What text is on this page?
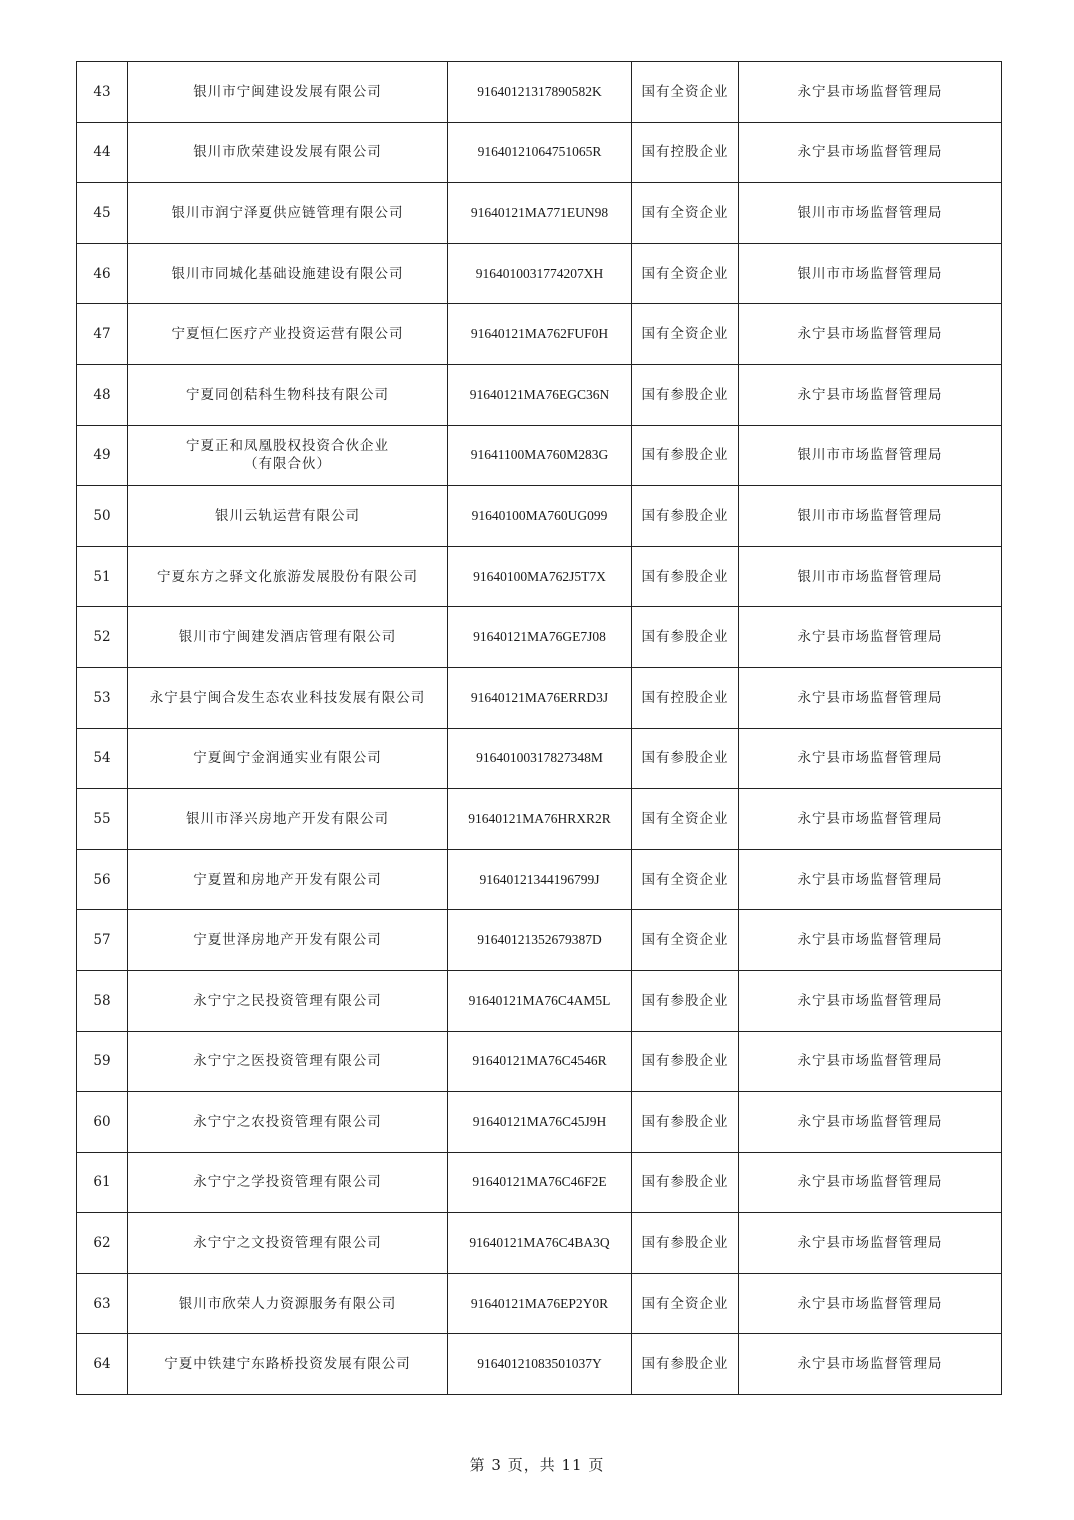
43	银川市宁闽建设发展有限公司	91640121317890582K	国有全资企业	永宁县市场监督管理局
44	银川市欣荣建设发展有限公司	91640121064751065R	国有控股企业	永宁县市场监督管理局
45	银川市润宁泽夏供应链管理有限公司	91640121MA771EUN98	国有全资企业	银川市市场监督管理局
46	银川市同城化基础设施建设有限公司	9164010031774207XH	国有全资企业	银川市市场监督管理局
47	宁夏恒仁医疗产业投资运营有限公司	91640121MA762FUF0H	国有全资企业	永宁县市场监督管理局
48	宁夏同创秸科生物科技有限公司	91640121MA76EGC36N	国有参股企业	永宁县市场监督管理局
49	宁夏正和凤凰股权投资合伙企业
（有限合伙）	91641100MA760M283G	国有参股企业	银川市市场监督管理局
50	银川云轨运营有限公司	91640100MA760UG099	国有参股企业	银川市市场监督管理局
51	宁夏东方之驿文化旅游发展股份有限公司	91640100MA762J5T7X	国有参股企业	银川市市场监督管理局
52	银川市宁闽建发酒店管理有限公司	91640121MA76GE7J08	国有参股企业	永宁县市场监督管理局
53	永宁县宁闽合发生态农业科技发展有限公司	91640121MA76ERRD3J	国有控股企业	永宁县市场监督管理局
54	宁夏闽宁金润通实业有限公司	91640100317827348M	国有参股企业	永宁县市场监督管理局
55	银川市泽兴房地产开发有限公司	91640121MA76HRXR2R	国有全资企业	永宁县市场监督管理局
56	宁夏置和房地产开发有限公司	91640121344196799J	国有全资企业	永宁县市场监督管理局
57	宁夏世泽房地产开发有限公司	91640121352679387D	国有全资企业	永宁县市场监督管理局
58	永宁宁之民投资管理有限公司	91640121MA76C4AM5L	国有参股企业	永宁县市场监督管理局
59	永宁宁之医投资管理有限公司	91640121MA76C4546R	国有参股企业	永宁县市场监督管理局
60	永宁宁之农投资管理有限公司	91640121MA76C45J9H	国有参股企业	永宁县市场监督管理局
61	永宁宁之学投资管理有限公司	91640121MA76C46F2E	国有参股企业	永宁县市场监督管理局
62	永宁宁之文投资管理有限公司	91640121MA76C4BA3Q	国有参股企业	永宁县市场监督管理局
63	银川市欣荣人力资源服务有限公司	91640121MA76EP2Y0R	国有全资企业	永宁县市场监督管理局
64	宁夏中铁建宁东路桥投资发展有限公司	91640121083501037Y	国有参股企业	永宁县市场监督管理局
第 3 页，共 11 页
